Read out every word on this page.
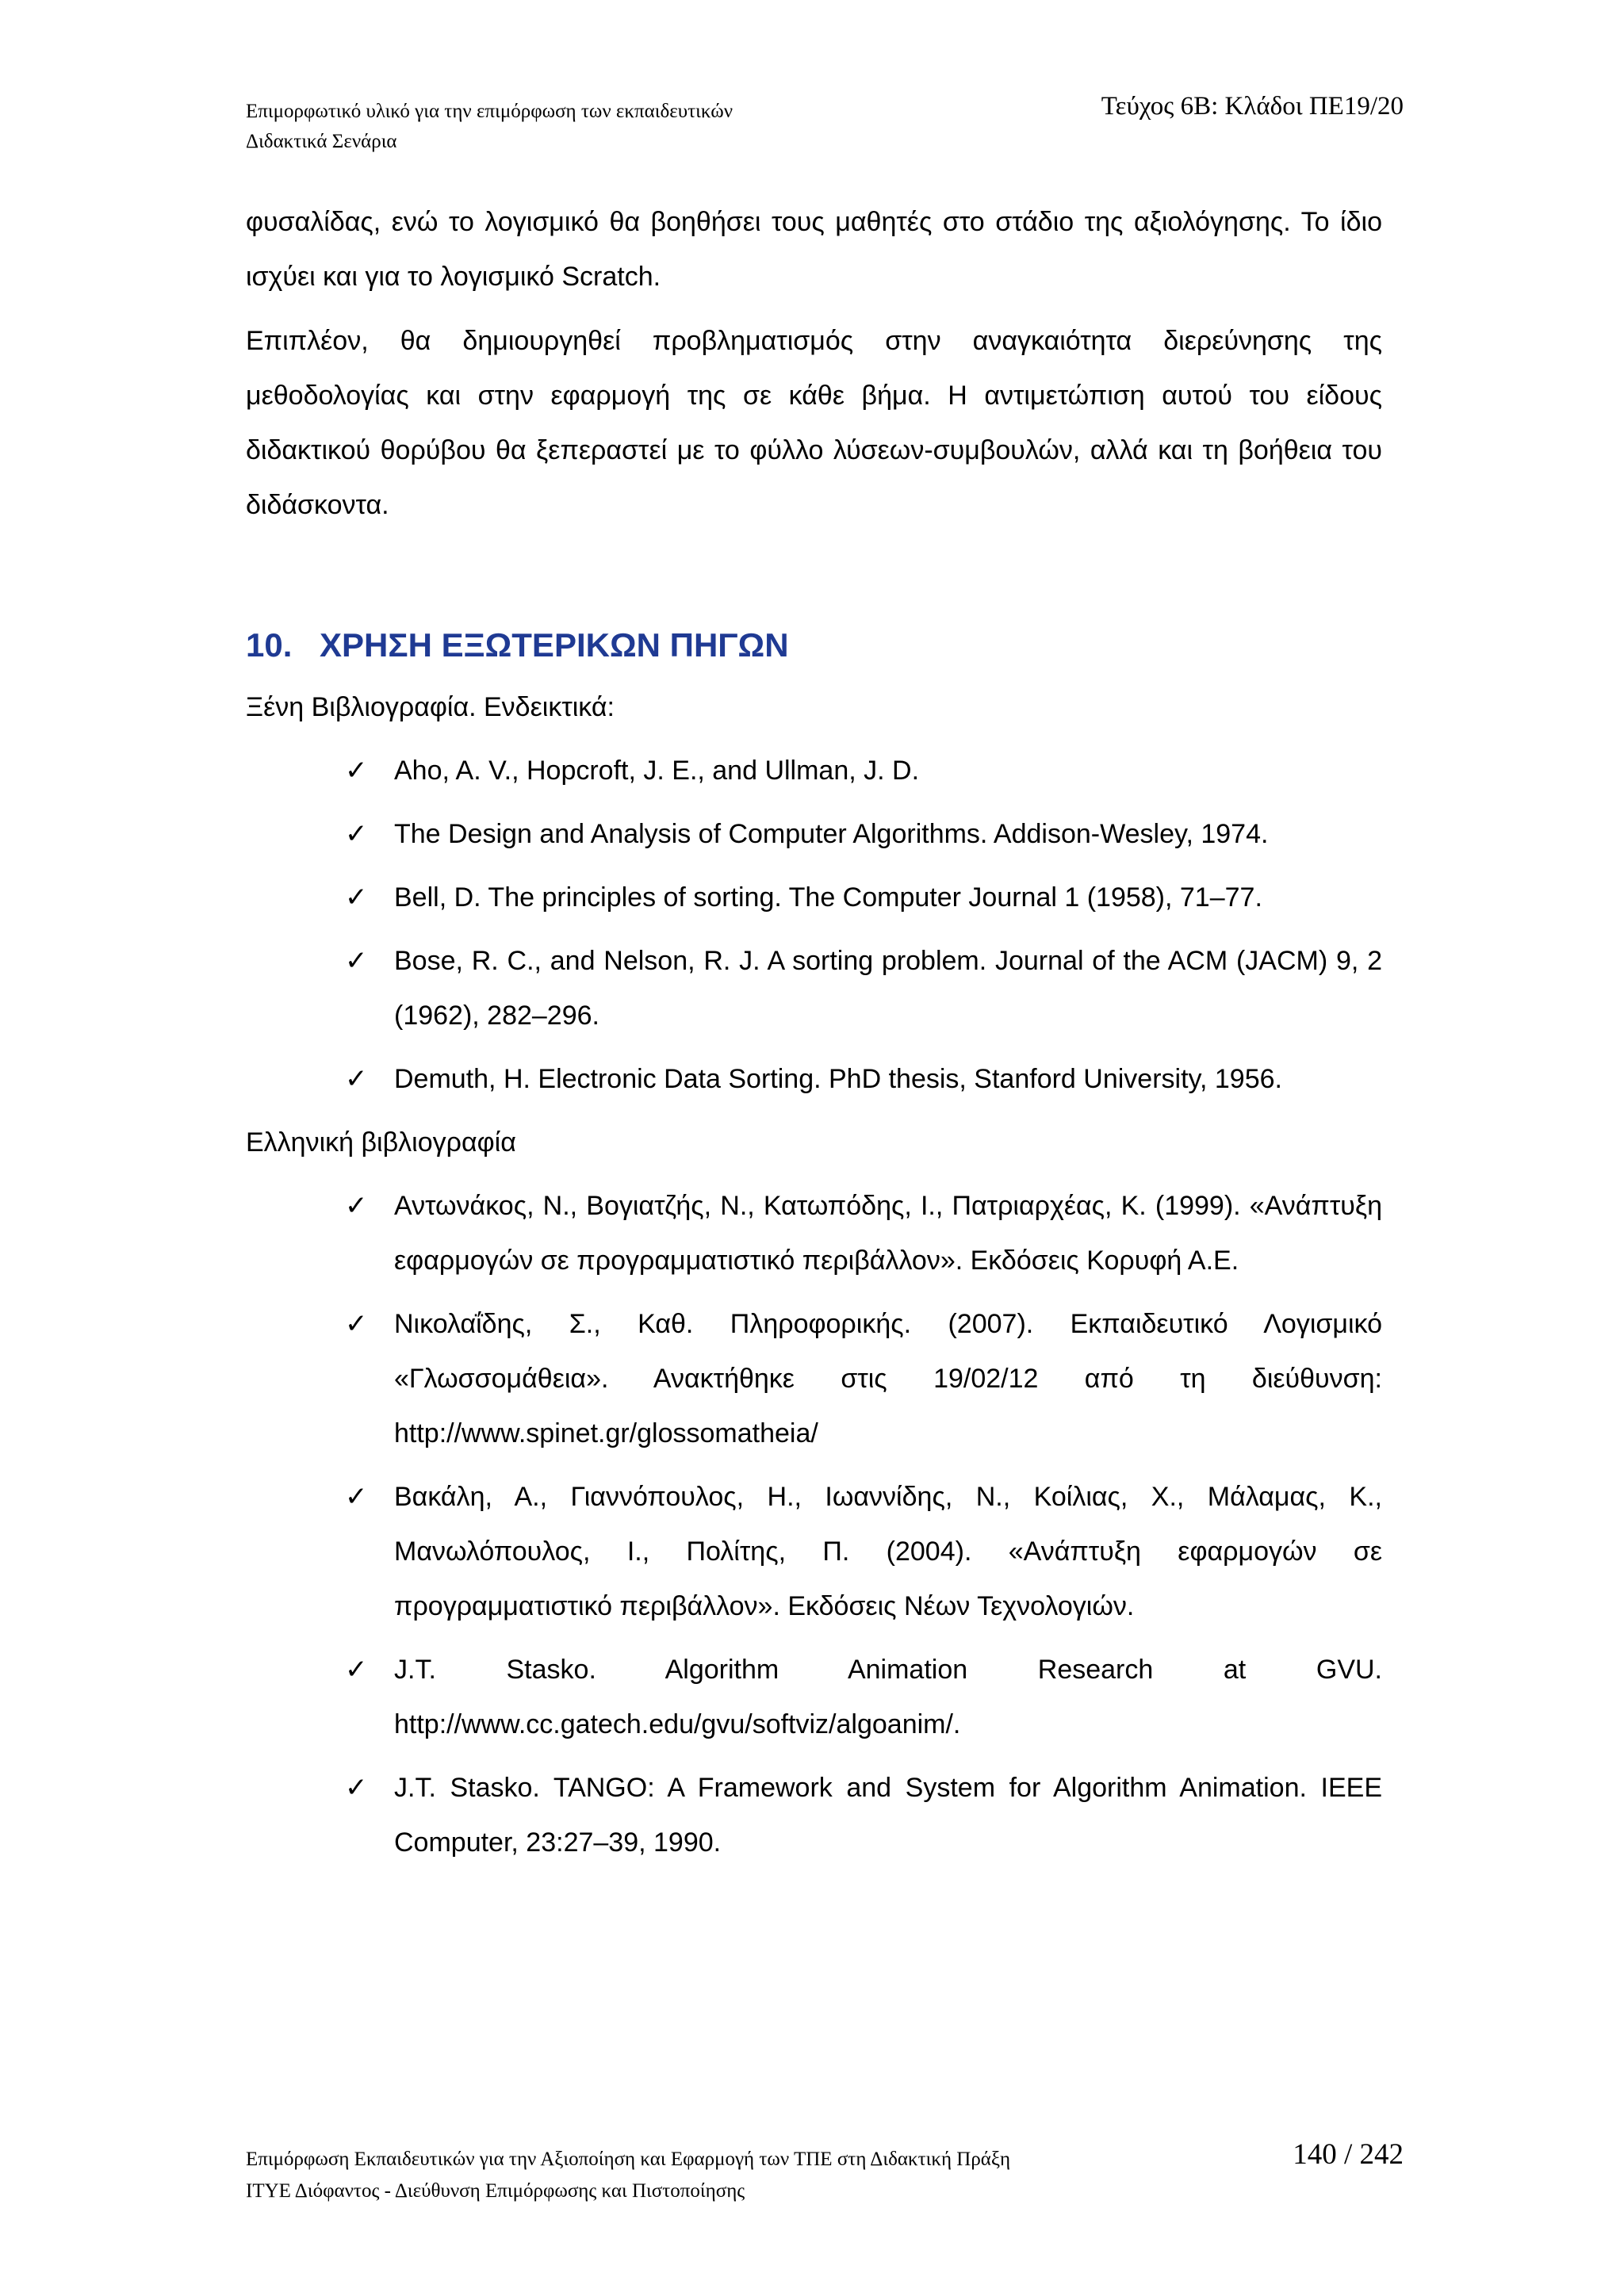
Επιμορφωτικό υλικό για την επιμόρφωση των εκπαιδευτικών
Διδακτικά Σενάρια
Τεύχος 6Β: Κλάδοι ΠΕ19/20

φυσαλίδας, ενώ το λογισμικό θα βοηθήσει τους μαθητές στο στάδιο της αξιολόγησης. Το ίδιο ισχύει και για το λογισμικό Scratch.

Επιπλέον, θα δημιουργηθεί προβληματισμός στην αναγκαιότητα διερεύνησης της μεθοδολογίας και στην εφαρμογή της σε κάθε βήμα. Η αντιμετώπιση αυτού του είδους διδακτικού θορύβου θα ξεπεραστεί με το φύλλο λύσεων-συμβουλών, αλλά και τη βοήθεια του διδάσκοντα.

10. ΧΡΗΣΗ ΕΞΩΤΕΡΙΚΩΝ ΠΗΓΩΝ
Ξένη Βιβλιογραφία. Ενδεικτικά:
✓ Aho, A. V., Hopcroft, J. E., and Ullman, J. D.
✓ The Design and Analysis of Computer Algorithms. Addison-Wesley, 1974.
✓ Bell, D. The principles of sorting. The Computer Journal 1 (1958), 71–77.
✓ Bose, R. C., and Nelson, R. J. A sorting problem. Journal of the ACM (JACM) 9, 2 (1962), 282–296.
✓ Demuth, H. Electronic Data Sorting. PhD thesis, Stanford University, 1956.
Ελληνική βιβλιογραφία
✓ Αντωνάκος, Ν., Βογιατζής, Ν., Κατωπόδης, Ι., Πατριαρχέας, Κ. (1999). «Ανάπτυξη εφαρμογών σε προγραμματιστικό περιβάλλον». Εκδόσεις Κορυφή Α.Ε.
✓ Νικολαΐδης, Σ., Καθ. Πληροφορικής. (2007). Εκπαιδευτικό Λογισμικό «Γλωσσομάθεια». Ανακτήθηκε στις 19/02/12 από τη διεύθυνση: http://www.spinet.gr/glossomatheia/
✓ Βακάλη, Α., Γιαννόπουλος, Η., Ιωαννίδης, Ν., Κοίλιας, Χ., Μάλαμας, Κ., Μανωλόπουλος, Ι., Πολίτης, Π. (2004). «Ανάπτυξη εφαρμογών σε προγραμματιστικό περιβάλλον». Εκδόσεις Νέων Τεχνολογιών.
✓ J.T. Stasko. Algorithm Animation Research at GVU. http://www.cc.gatech.edu/gvu/softviz/algoanim/.
✓ J.T. Stasko. TANGO: A Framework and System for Algorithm Animation. IEEE Computer, 23:27–39, 1990.
Επιμόρφωση Εκπαιδευτικών για την Αξιοποίηση και Εφαρμογή των ΤΠΕ στη Διδακτική Πράξη
ΙΤΥΕ Διόφαντος - Διεύθυνση Επιμόρφωσης και Πιστοποίησης
140 / 242
